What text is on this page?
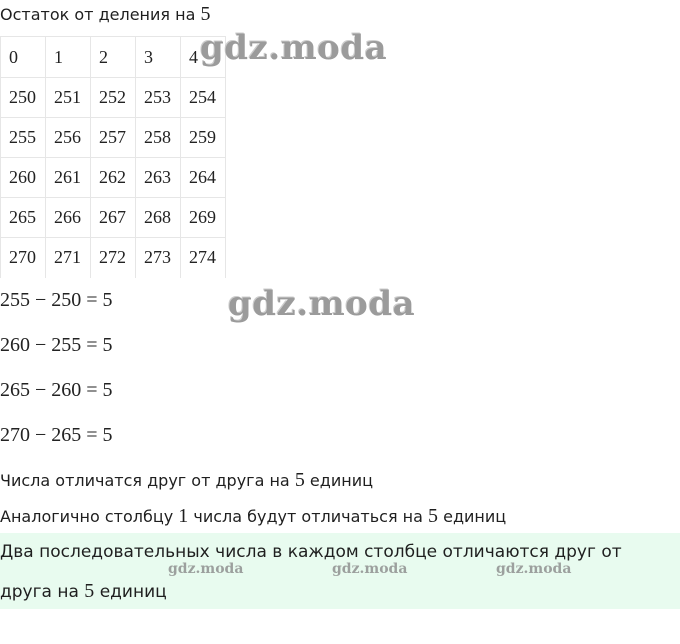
Остаток от деления на 5
0	1	2	3	4
250	251	252	253	254
255	256	257	258	259
260	261	262	263	264
265	266	267	268	269
270	271	272	273	274
255 − 250 = 5
260 − 255 = 5
265 − 260 = 5
270 − 265 = 5
Числа отличатся друг от друга на 5 единиц
Аналогично столбцу 1 числа будут отличаться на 5 единиц
Два последовательных числа в каждом столбце отличаются друг от
друга на 5 единиц
gdz.moda
gdz.moda
gdz.moda	gdz.moda	gdz.moda
